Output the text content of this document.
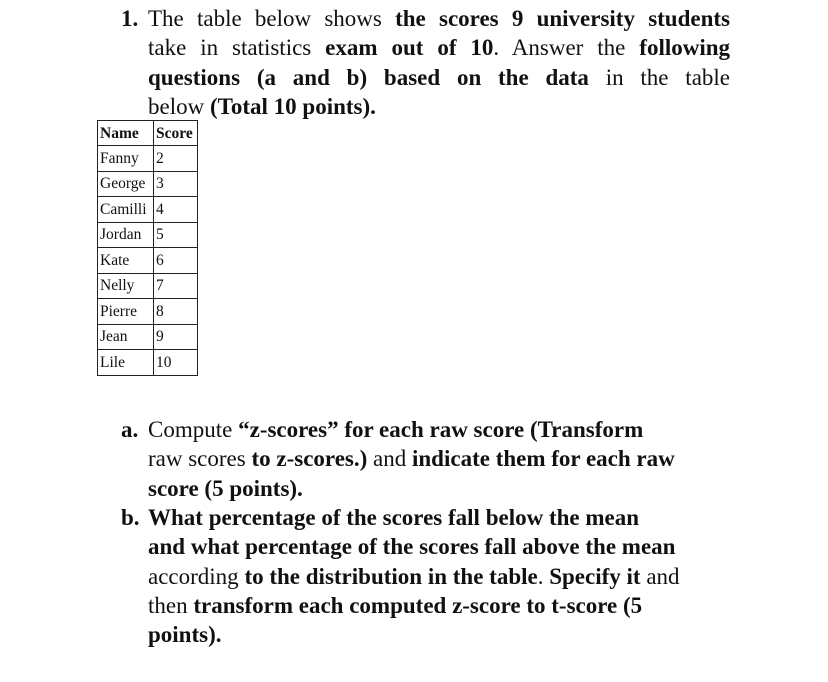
1. The table below shows the scores 9 university students
take in statistics exam out of 10. Answer the following
questions (a and b) based on the data in the table
below (Total 10 points).
Name	Score
Fanny	2
George	3
Camilli	4
Jordan	5
Kate	6
Nelly	7
Pierre	8
Jean	9
Lile	10
a. Compute “z-scores” for each raw score (Transform
raw scores to z-scores.) and indicate them for each raw
score (5 points).
b. What percentage of the scores fall below the mean
and what percentage of the scores fall above the mean
according to the distribution in the table. Specify it and
then transform each computed z-score to t-score (5
points).
